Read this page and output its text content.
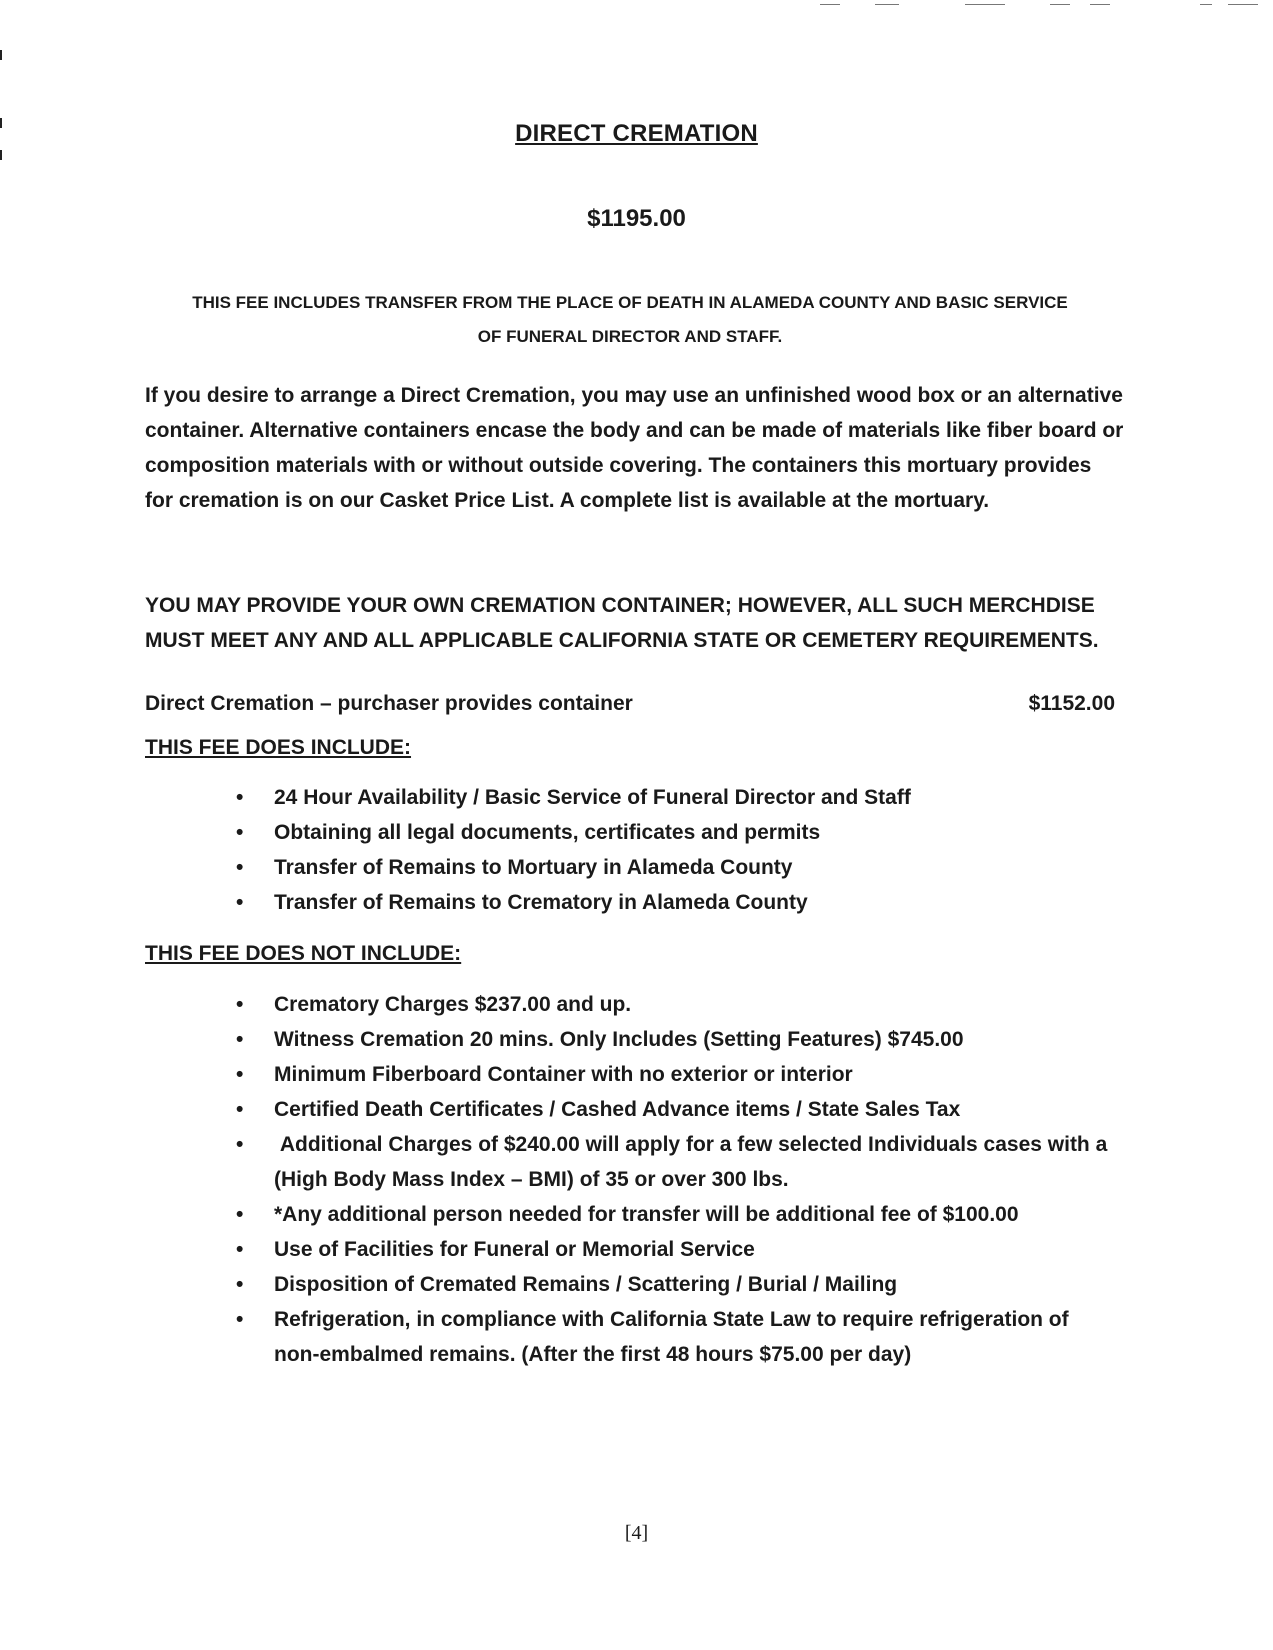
DIRECT CREMATION
$1195.00
THIS FEE INCLUDES TRANSFER FROM THE PLACE OF DEATH IN ALAMEDA COUNTY AND BASIC SERVICE
OF FUNERAL DIRECTOR AND STAFF.
If you desire to arrange a Direct Cremation, you may use an unfinished wood box or an alternative container. Alternative containers encase the body and can be made of materials like fiber board or composition materials with or without outside covering. The containers this mortuary provides for cremation is on our Casket Price List. A complete list is available at the mortuary.
YOU MAY PROVIDE YOUR OWN CREMATION CONTAINER; HOWEVER, ALL SUCH MERCHDISE MUST MEET ANY AND ALL APPLICABLE CALIFORNIA STATE OR CEMETERY REQUIREMENTS.
Direct Cremation – purchaser provides container	$1152.00
THIS FEE DOES INCLUDE:
•	24 Hour Availability / Basic Service of Funeral Director and Staff
•	Obtaining all legal documents, certificates and permits
•	Transfer of Remains to Mortuary in Alameda County
•	Transfer of Remains to Crematory in Alameda County
THIS FEE DOES NOT INCLUDE:
•	Crematory Charges $237.00 and up.
•	Witness Cremation 20 mins. Only Includes (Setting Features) $745.00
•	Minimum Fiberboard Container with no exterior or interior
•	Certified Death Certificates / Cashed Advance items / State Sales Tax
•	Additional Charges of $240.00 will apply for a few selected Individuals cases with a (High Body Mass Index – BMI) of 35 or over 300 lbs.
•	*Any additional person needed for transfer will be additional fee of $100.00
•	Use of Facilities for Funeral or Memorial Service
•	Disposition of Cremated Remains / Scattering / Burial / Mailing
•	Refrigeration, in compliance with California State Law to require refrigeration of non-embalmed remains. (After the first 48 hours $75.00 per day)
[4]
